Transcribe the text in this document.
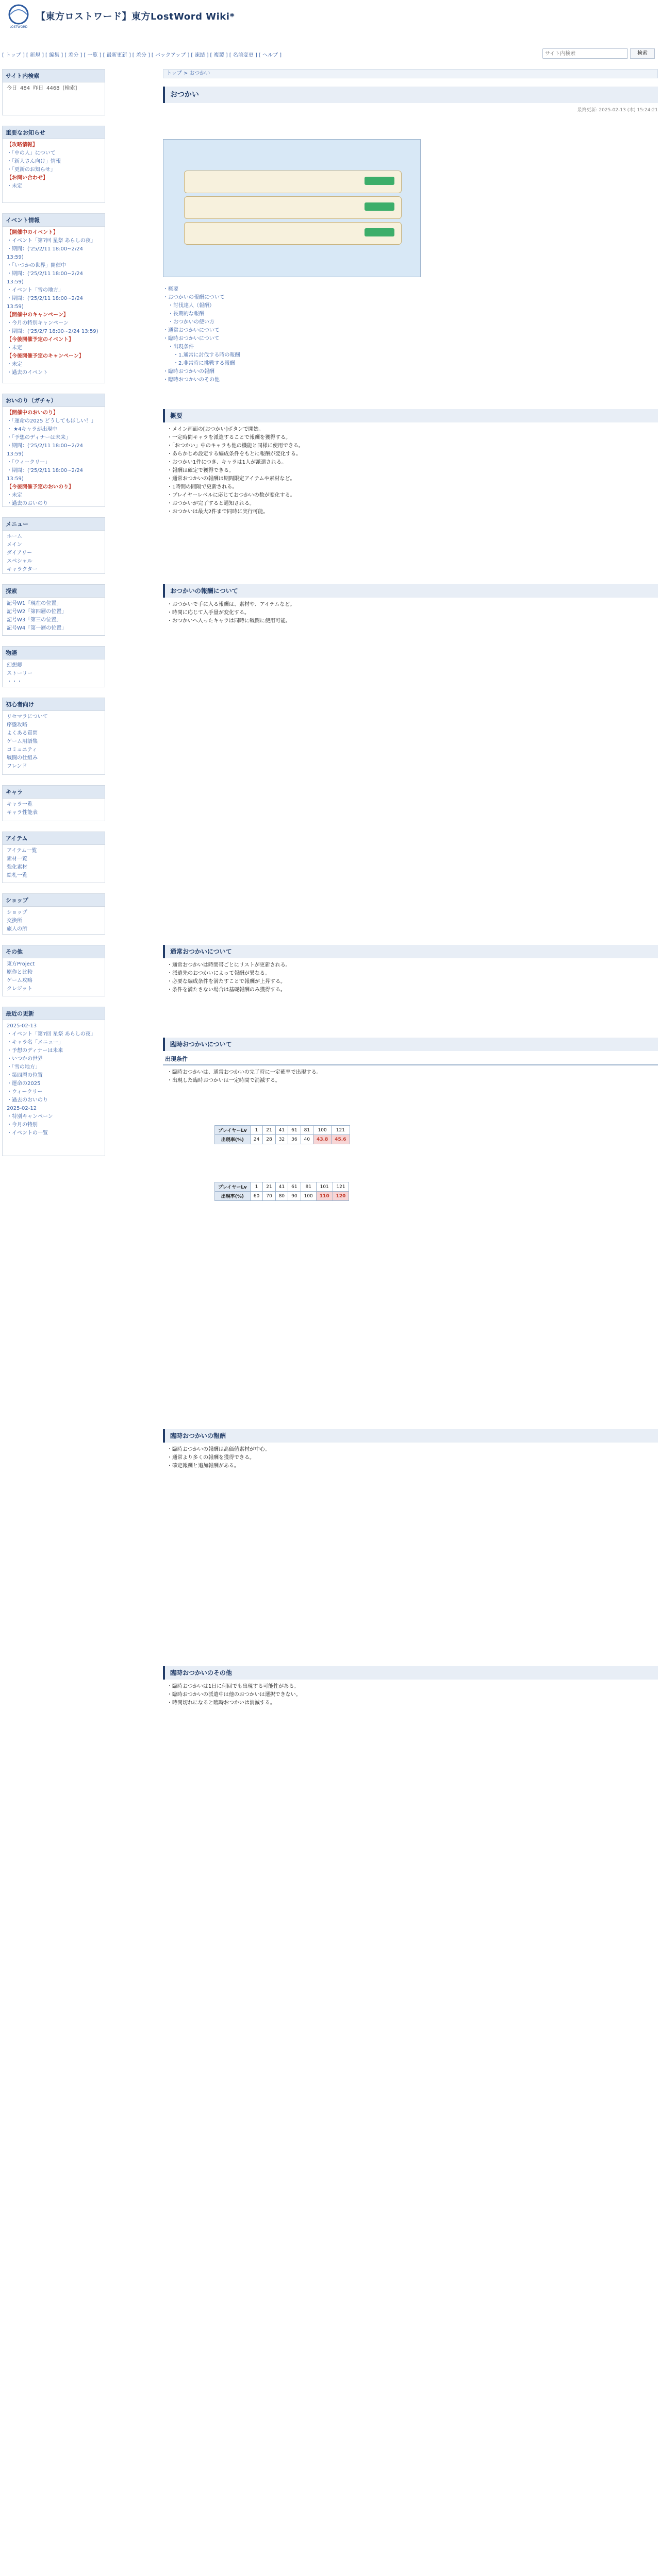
LOSTWORD
【東方ロストワード】東方LostWord Wiki*
[ トップ ] [ 新規 ] [ 編集 ] [ 差分 ] [ 一覧 ] [ 最新更新 ] [ 差分 ] [ バックアップ ] [ 凍結 ] [ 複製 ] [ 名前変更 ] [ ヘルプ ]
サイト内検索	検索
サイト内検索
今日 484 昨日 4468 [検索]
重要なお知らせ
【攻略情報】
・「中の人」について
・「新人さん向け」情報
・「更新のお知らせ」
【お問い合わせ】
・未定
イベント情報
【開催中のイベント】
・イベント「第7回 星祭 あらしの夜」
・期間：('25/2/11 18:00~2/24 13:59)
・「いつかの世界」開催中
・期間：('25/2/11 18:00~2/24 13:59)
・イベント「雪の地方」
・期間：('25/2/11 18:00~2/24 13:59)
【開催中のキャンペーン】
・今月の特別キャンペーン
・期間：('25/2/7 18:00~2/24 13:59)
【今後開催予定のイベント】
・未定
【今後開催予定のキャンペーン】
・未定
・過去のイベント
おいのり（ガチャ）
【開催中のおいのり】
・「運命の2025 どうしてもほしい！」
・ ★4キャラが出現中
・「予想のディナーは未来」
・期間：('25/2/11 18:00~2/24 13:59)
・「ウィークリー」
・期間：('25/2/11 18:00~2/24 13:59)
【今後開催予定のおいのり】
・未定
・過去のおいのり
メニュー
ホーム
メイン
ダイアリー
スペシャル
キャラクター
探索
記号W1「現在の位置」
記号W2「第四層の位置」
記号W3「第三の位置」
記号W4「第一層の位置」
物語
幻想郷
ストーリー
・・・
初心者向け
リセマラについて
序盤攻略
よくある質問
ゲーム用語集
コミュニティ
戦闘の仕組み
フレンド
キャラ
キャラ一覧
キャラ性能表
アイテム
アイテム一覧
素材一覧
強化素材
絵札一覧
ショップ
ショップ
交換所
旅人の所
その他
東方Project
原作と比較
ゲーム攻略
クレジット
最近の更新
2025-02-13
・イベント「第7回 星祭 あらしの夜」
・キャラ名「メニュー」
・予想のディナーは未来
・いつかの世界
・「雪の地方」
・第四層の位置
・運命の2025
・ウィークリー
・過去のおいのり
2025-02-12
・特別キャンペーン
・今月の特別
・イベントの一覧
トップ > おつかい
おつかい
最終更新: 2025-02-13 (木) 15:24:21
・概要
・おつかいの報酬について
　・討伐達人（報酬）
　・長期的な報酬
　・おつかいの使い方
・通常おつかいについて
・臨時おつかいについて
　・出現条件
　　・1.通常に討伐する時の報酬
　　・2.非常時に挑戦する報酬
・臨時おつかいの報酬
・臨時おつかいのその他
概要
・メイン画面の[おつかい]ボタンで開始。
・一定時間キャラを派遣することで報酬を獲得する。
・「おつかい」中のキャラも他の機能と同様に使用できる。
・あらかじめ設定する編成条件をもとに報酬が変化する。
・おつかい1件につき、キャラは1人が派遣される。
・報酬は確定で獲得できる。
・通常おつかいの報酬は期間限定アイテムや素材など。
・1時間の間隔で更新される。
・プレイヤーレベルに応じておつかいの数が変化する。
・おつかいが完了すると通知される。
・おつかいは最大2件まで同時に実行可能。
おつかいの報酬について
・おつかいで手に入る報酬は、素材や、アイテムなど。
・時間に応じて入手量が変化する。
・おつかいへ入ったキャラは同時に戦闘に使用可能。
通常おつかいについて
・通常おつかいは時間帯ごとにリストが更新される。
・派遣先のおつかいによって報酬が異なる。
・必要な編成条件を満たすことで報酬が上昇する。
・条件を満たさない場合は基礎報酬のみ獲得する。
臨時おつかいについて
出現条件
・臨時おつかいは、通常おつかいの完了時に一定確率で出現する。
・出現した臨時おつかいは一定時間で消滅する。
プレイヤーLv	1	21	41	61	81	100	121
出現率(%)	24	28	32	36	40	43.8	45.6
プレイヤーLv	1	21	41	61	81	101	121
出現率(%)	60	70	80	90	100	110	120
臨時おつかいの報酬
・臨時おつかいの報酬は高価値素材が中心。
・通常より多くの報酬を獲得できる。
・確定報酬と追加報酬がある。
臨時おつかいのその他
・臨時おつかいは1日に何回でも出現する可能性がある。
・臨時おつかいの派遣中は他のおつかいは選択できない。
・時間切れになると臨時おつかいは消滅する。
